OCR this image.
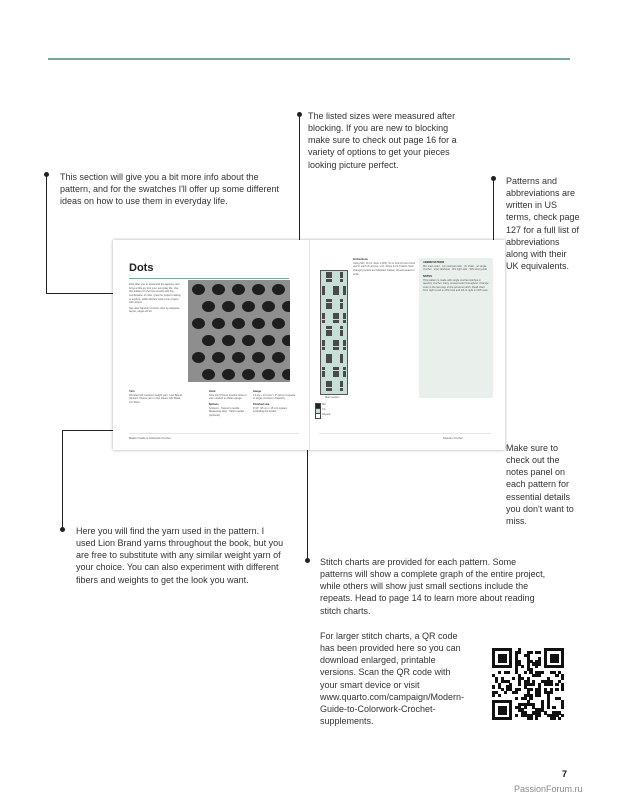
The listed sizes were measured after blocking. If you are new to blocking make sure to check out page 16 for a variety of options to get your pieces looking picture perfect.

This section will give you a bit more info about the pattern, and for the swatches I'll offer up some different ideas on how to use them in everyday life.

Patterns and abbreviations are written in US terms, check page 127 for a full list of abbreviations along with their UK equivalents.

Make sure to check out the notes panel on each pattern for essential details you don't want to miss.

Here you will find the yarn used in the pattern. I used Lion Brand yarns throughout the book, but you are free to substitute with any similar weight yarn of your choice. You can also experiment with different fibers and weights to get the look you want.

Stitch charts are provided for each pattern. Some patterns will show a complete graph of the entire project, while others will show just small sections include the repeats. Head to page 14 to learn more about reading stitch charts.

For larger stitch charts, a QR code has been provided here so you can download enlarged, printable versions. Scan the QR code with your smart device or visit www.quarto.com/campaign/Modern-Guide-to-Colorwork-Crochet-supplements.

Dots
Dots offer you to transcend the tapestry and bring a little joy into your everyday life. Use this pattern for the best results with the combination of color, great for project making to explore, while stitches work a fun project with stripes.
See also Tapestry crochet, dots by stepwise layout, pages 20-22
Yarn
Worsted (#4 medium) weight yarn. Lion Brand Vanna's Choice yarn in two colors: MC Black, CC Silver.
Hook
Size I-9 (5.5mm) crochet hook or size needed to obtain gauge.
Notions
Scissors · Tapestry needle · Measuring tape · Stitch marker (optional)
Gauge
13 sts x 14 rows = 4" (10 cm) square in single crochet in Tapestry
Finished size
6"x6" (15 cm x 15 cm) square, excluding the border
Modern Guide to Colorwork Crochet
Main section
MC
CC
Repeat
Instructions
Using MC, ch 21. Row 1 (RS): Sc in 2nd ch from hook and in each ch across, turn. Rows 2-21: Follow chart, changing colors as indicated. Fasten off and weave in ends.
ABBREVIATIONS
MC main color · CC contrast color · ch chain · sc single crochet · st(s) stitch(es) · RS right side · WS wrong side
NOTES
This pattern is made with single crochet stitches in tapestry crochet. Carry unused color throughout. Change color in the last step of the previous stitch. Read chart from right to left on RS rows and left to right on WS rows.
Tapestry Crochet
7
PassionForum.ru
